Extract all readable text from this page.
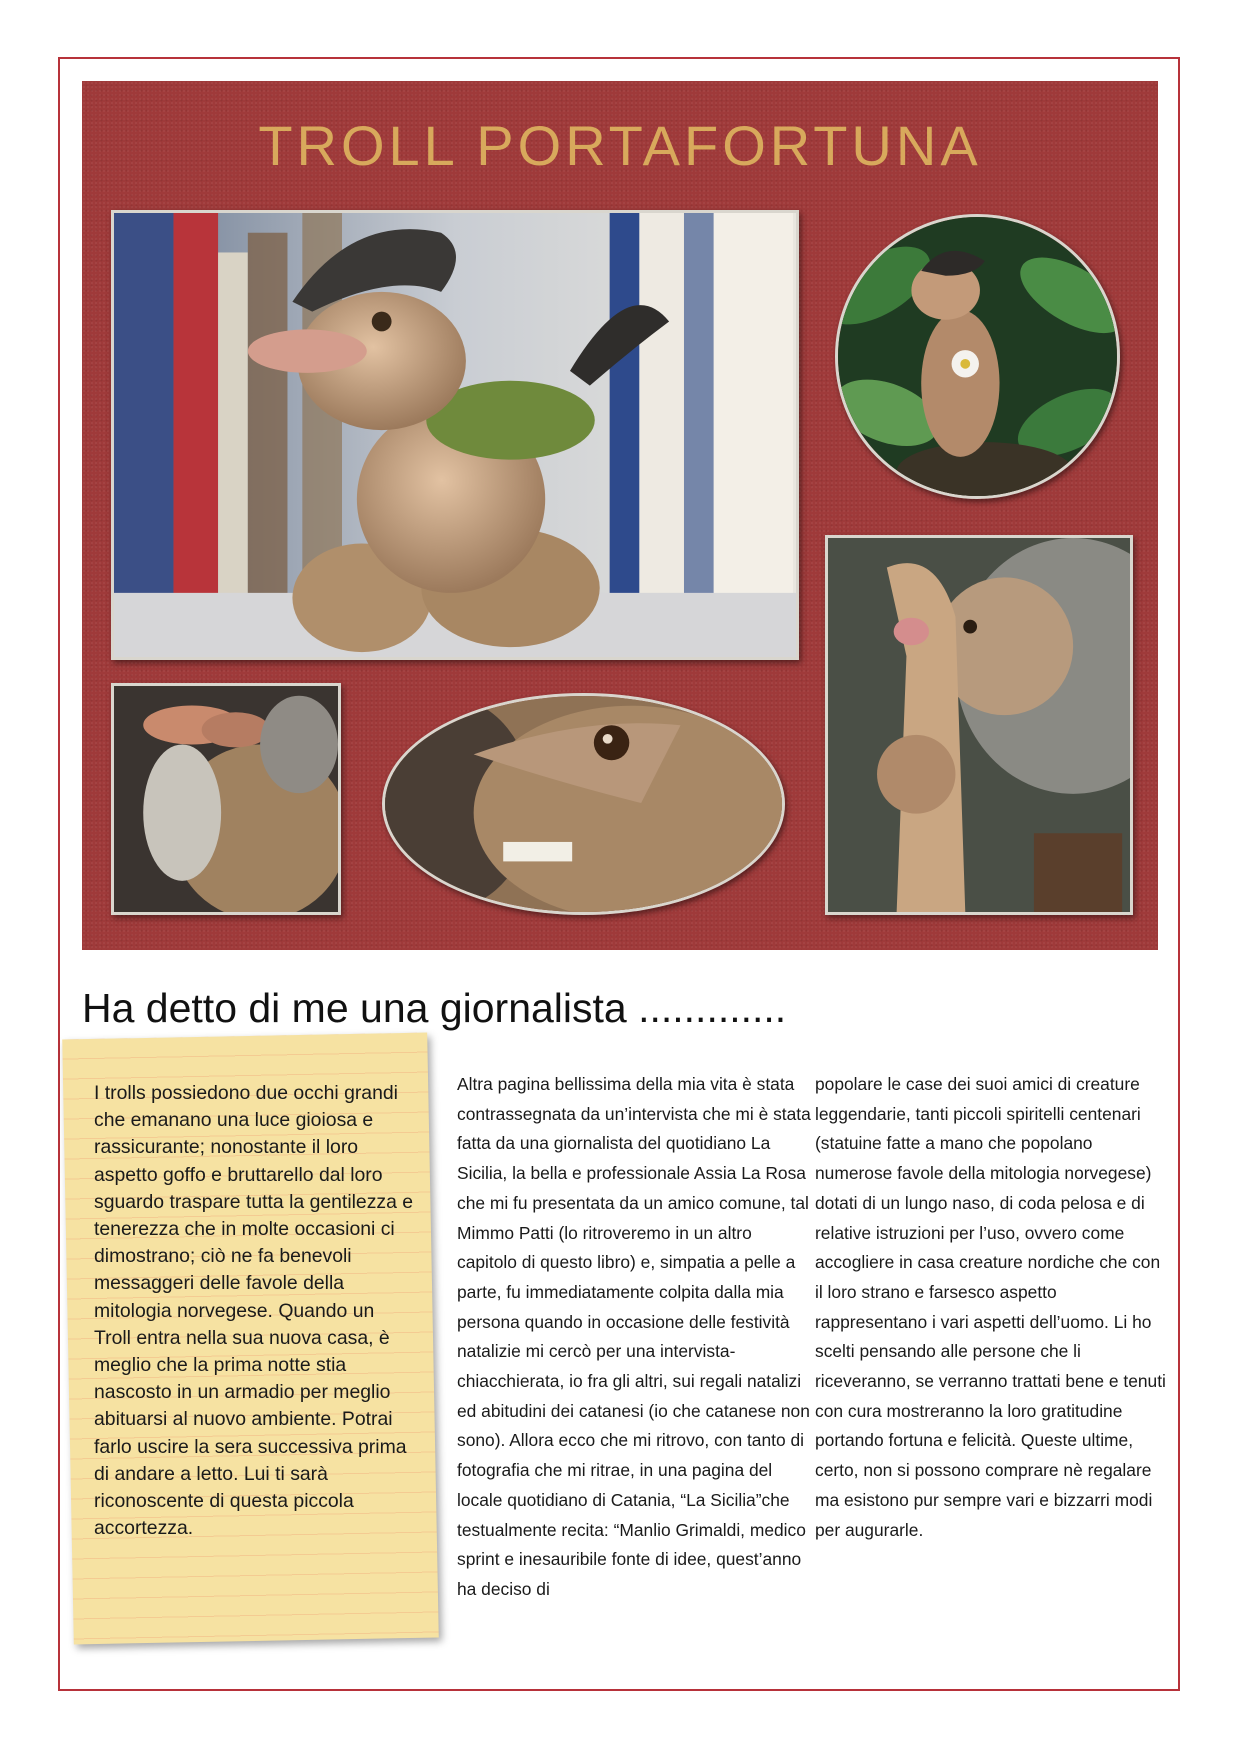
TROLL PORTAFORTUNA
Ha detto di me una giornalista .............

I trolls possiedono due occhi grandi che emanano una luce gioiosa e rassicurante; nonostante il loro aspetto goffo e bruttarello dal loro sguardo traspare tutta la gentilezza e tenerezza che in molte occasioni ci dimostrano; ciò ne fa benevoli messaggeri delle favole della mitologia norvegese. Quando un Troll entra nella sua nuova casa, è meglio che la prima notte stia nascosto in un armadio per meglio abituarsi al nuovo ambiente. Potrai farlo uscire la sera successiva prima di andare a letto. Lui ti sarà riconoscente di questa piccola accortezza.

Altra pagina bellissima della mia vita è stata contrassegnata da un’intervista che mi è stata fatta da una giornalista del quotidiano La Sicilia, la bella e professionale Assia La Rosa che mi fu presentata da un amico comune, tal Mimmo Patti (lo ritroveremo in un altro capitolo di questo libro) e, simpatia a pelle a parte, fu immediatamente colpita dalla mia persona quando in occasione delle festività natalizie mi cercò per una intervista-chiacchierata, io fra gli altri, sui regali natalizi ed abitudini dei catanesi (io che catanese non sono). Allora ecco che mi ritrovo, con tanto di fotografia che mi ritrae, in una pagina del locale quotidiano di Catania, “La Sicilia”che testualmente recita: “Manlio Grimaldi, medico sprint e inesauribile fonte di idee, quest’anno ha deciso di

popolare le case dei suoi amici di creature leggendarie, tanti piccoli spiritelli centenari (statuine fatte a mano che popolano numerose favole della mitologia norvegese) dotati di un lungo naso, di coda pelosa e di relative istruzioni per l’uso, ovvero come accogliere in casa creature nordiche che con il loro strano e farsesco aspetto rappresentano i vari aspetti dell’uomo. Li ho scelti pensando alle persone che li riceveranno, se verranno trattati bene e tenuti con cura mostreranno la loro gratitudine portando fortuna e felicità. Queste ultime, certo, non si possono comprare nè regalare ma esistono pur sempre vari e bizzarri modi per augurarle.
